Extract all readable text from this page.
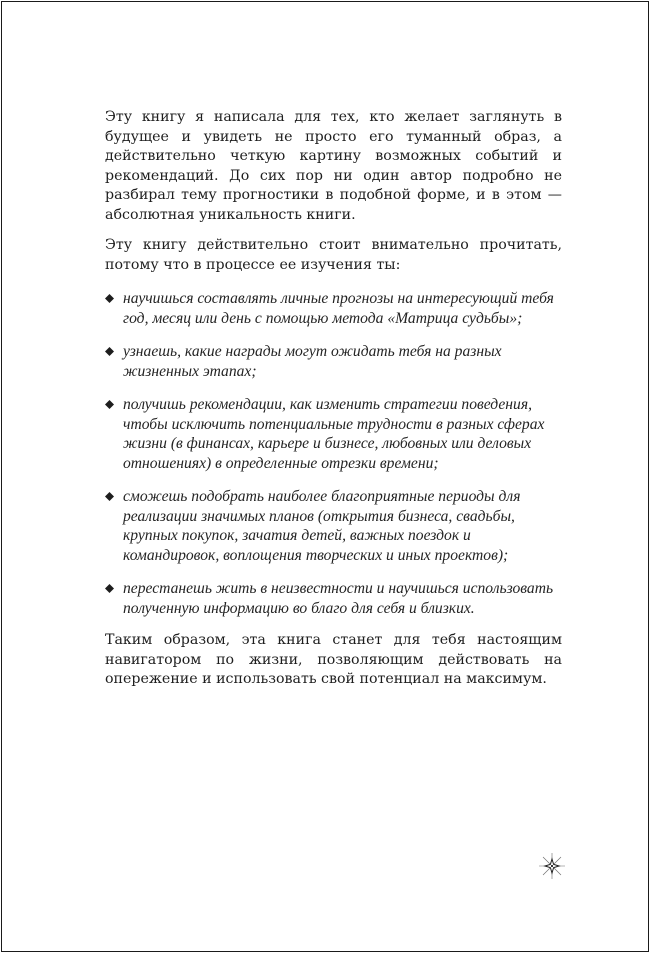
Эту книгу я написала для тех, кто желает заглянуть в будущее и увидеть не просто его туманный образ, а действительно четкую картину возможных событий и рекомендаций. До сих пор ни один автор подробно не разбирал тему прогностики в подобной форме, и в этом — абсолютная уникальность книги.

Эту книгу действительно стоит внимательно прочитать, потому что в процессе ее изучения ты:

научишься составлять личные прогнозы на интересующий тебя год, месяц или день с помощью метода «Матрица судьбы»;
узнаешь, какие награды могут ожидать тебя на разных жизненных этапах;
получишь рекомендации, как изменить стратегии поведения, чтобы исключить потенциальные трудности в разных сферах жизни (в финансах, карьере и бизнесе, любовных или деловых отношениях) в определенные отрезки времени;
сможешь подобрать наиболее благоприятные периоды для реализации значимых планов (открытия бизнеса, свадьбы, крупных покупок, зачатия детей, важных поездок и командировок, воплощения творческих и иных проектов);
перестанешь жить в неизвестности и научишься использовать полученную информацию во благо для себя и близких.

Таким образом, эта книга станет для тебя настоящим навигатором по жизни, позволяющим действовать на опережение и использовать свой потенциал на максимум.
